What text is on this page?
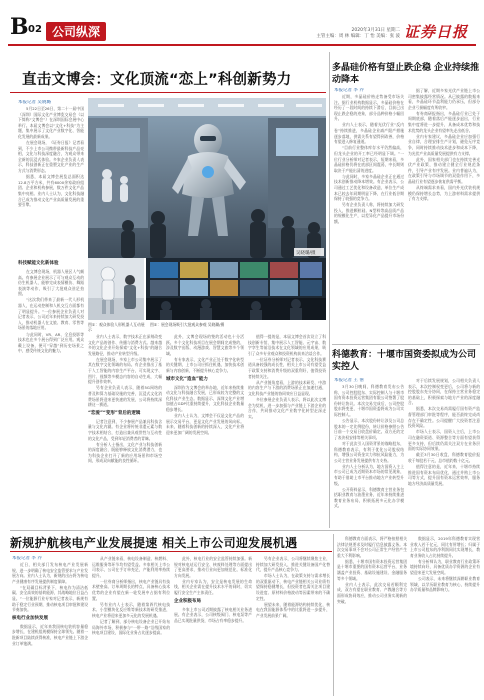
B 02 公司纵深	2020年3月31日 星期二
主管主编：周 林 编辑：丁 怡 美编：张 波 证券日报
直击文博会：文化顶流“恋上”科创新势力
本报记者 吴晓璐

5月22日至26日，第二十一届中国（深圳）国际文化产业博览交易会（以下简称“文博会”）在深圳国际会展中心举行。本届文博会以“文化+科技”为主题，集中展示了文化产业数字化、智能化发展的最新成果。

在展会现场，《证券日报》记者看到，不少上市公司携带最新科技产品亮相，文化与科技深度融合，为观众带来全新的沉浸式体验。多家企业负责人表示，科技创新正在重塑文化产业的生产方式与消费形态。

据悉，本届文博会展览总面积达12.8万平方米，共有6000余家政府组团、企业和机构参展，数万件文化产品集中亮相。业内人士认为，文化科技融合已成为推动文化产业高质量发展的重要引擎。

吴晓璐/摄
科技赋能文化新体验

在文博会现场，机器人展区人气颇高。有参展企业展示了可与观众互动的仿生机器人，能够完成表情模仿、舞蹈表演等动作，吸引了大批观众驻足拍照。

“这次我们带来了最新一代人形机器人，在运动控制和人机交互方面都有了明显提升。”一位参展企业负责人对记者表示，公司近年来持续加大研发投入，推动机器人在文旅、教育、零售等场景的落地应用。

与此同时，VR、AR、全息投影等技术也在多个展台得到广泛应用。观众戴上设备，便可“穿越”到历史场景之中，感受传统文化的魅力。

图①：观众体验人形机器人互动展示
图②：展会现场吸引大批观众参观 吴晓璐/摄

业内人士表示，数字技术正在深刻改变文化产品的创作、传播与消费方式。越来越多的文化企业开始探索“文化+科技”的融合发展路径，推动产业转型升级。

在展会现场，多家上市公司集中展示了其在数字文化领域的布局。有企业推出了基于人工智能的内容生产平台，可实现文字、图片、视频等多模态内容的自动生成，大幅提升创作效率。

另有企业负责人表示，随着5G网络的普及和算力基础设施的完善，沉浸式文化消费场景将迎来更快速的发展，公司将持续深耕这一赛道。

“恋爱”“变形”背后的逻辑

记者注意到，不少参展产品兼具科技含量与文化内涵。有企业将传统非遗元素与数字技术相结合，打造出兼具观赏性与互动性的文化产品，受到年轻消费者的青睐。

有分析人士指出，文化产业与科技创新的深度融合，既能够释放文化消费潜力，也为科技企业打开了新的应用场景和市场空间，形成双向赋能的良性循环。

此外，文博会现场的签约活动也十分活跃。多个文化科技项目在展会期间完成签约，涉及数字出版、动漫游戏、智慧文旅等多个领域。

有专家表示，文化产业正处于数字化转型的关键期，上市公司应抓住机遇，加快技术创新与内容创新，不断提升核心竞争力。

城市文化“造血”能力

深圳作为文博会的举办地，近年来持续推动文化与科技融合发展，已形成较为完整的文化科技产业生态。数据显示，深圳文化产业增加值占GDP比重持续提升，文化科技企业数量稳步增长。

业内人士认为，文博会不仅是文化产品的展示交易平台，更是文化产业发展的风向标。未来，随着科技创新的持续深入，文化产业将迎来更加广阔的发展空间。

值得一提的是，本届文博会首次设立了科技创新专馆，集中展示人工智能、元宇宙、数字孪生等前沿技术在文化领域的应用成果，吸引了众多专业观众和投资机构前来洽谈合作。

一位证券分析师对记者表示，文化科技赛道具备较强的成长性，相关上市公司有望受益于政策支持和消费升级的双重利好，值得投资者持续关注。

从产业链角度看，上游的技术研发、中游的内容生产与下游的消费场景正在加速打通，文化科技产业链的协同效应日益显现。

多位参展企业负责人表示，将以此次文博会为契机，进一步加强与产业链上下游企业的合作，共同推动文化产业数字化转型走深走实。

多晶硅价格有望止跌企稳 企业持续推动降本
本报记者 李 乔

近期，多晶硅价格走势备受市场关注。据行业机构数据显示，多晶硅价格在经历了一段时间的持续下滑后，目前已出现止跌企稳的迹象，部分品种价格小幅回升。

业内人士表示，随着光伏行业“反内卷”持续推进，多晶硅企业减产限产措施逐步落地，供需关系有望得到改善，价格有望进入修复通道。

“目前行业整体库存水平仍然偏高，但龙头企业的开工率已经明显下调。”一位行业分析师对记者表示，短期来看，多晶硅价格仍将在底部区间震荡，中长期则取决于产能出清的进度。

与此同时，多家多晶硅企业正在通过技术创新推动降本增效。有企业表示，公司通过工艺优化和设备改造，单位生产成本已较去年同期明显下降，在行业低谷期保持了较强的竞争力。

另有企业负责人称，将持续加大研发投入，推进颗粒硅、N型料等高品质产品的规模化生产，以差异化产品提升市场份额。

据了解，近期多家光伏产业链上市公司密集披露经营情况。从已披露的数据来看，多晶硅环节盈利能力仍承压，但部分企业亏损幅度有所收窄。

有券商研报指出，多晶硅行业已处于周期底部，随着落后产能逐步退出，行业集中度将进一步提升，具备成本优势和技术优势的龙头企业有望率先走出低谷。

业内专家建议，多晶硅企业应加强行业自律，合理安排生产计划，避免无序竞争，同时持续推动技术进步和成本下降，为光伏产业高质量发展提供有力支撑。

此外，国家相关部门也在持续完善光伏产业政策，推动建立健全行业规范条件，引导产业有序发展。业内普遍认为，在政策引导与市场调节的双重作用下，多晶硅行业有望逐步恢复供需平衡。

从终端需求来看，国内外光伏装机规模仍保持增长态势，为上游材料需求提供了有力支撑。

科德教育：十堰市国资委拟成为公司实控人
本报记者 王 僖

3月30日晚间，科德教育发布公告称，公司控股股东、实际控制人与十堰市国有资本投资运营集团有限公司签署了股份转让协议。本次交易完成后，公司控股股东将变更，十堰市国资委将成为公司实际控制人。

公告显示，本次股份转让涉及公司总股本的一定比例股份，转让价格参照公告日前一个交易日收盘价确定。双方还约定了表决权安排等相关事项。

对于此次引入国资背景的战略股东，科德教育表示，有利于优化公司股权结构，增强公司资金实力和抗风险能力，为公司主营业务发展提供有力支持。

业内人士分析认为，地方国资入主上市公司已成为近期资本市场的常见现象，有助于借助上市平台推动地方产业转型升级。

公开资料显示，科德教育主营业务包括职业教育与油墨业务，近年来持续推进教育业务布局，积极拓展多元化办学模式。

对于后续发展规划，公司相关负责人表示，本次控制权变更后，公司将与新的控股股东充分协同，在保持主营业务稳定的基础上，积极探索与地方产业的深度融合。

据悉，本次交易尚需履行国有资产监督管理部门审批等程序，能否最终完成尚存在不确定性。公司提醒广大投资者注意投资风险。

市场人士表示，国资入主后，上市公司在融资渠道、资源整合等方面有望获得更多支持，但后续仍需关注双方在业务层面的实际协同效果。

截至3月30日收盘，科德教育股价报收于每股若干元，总市值约数十亿元。

值得注意的是，近年来，十堰市持续推进国有资本布局优化，通过并购上市公司等方式，提升国有资本运营效率，服务地方经济高质量发展。

新规护航核电产业发展提速 相关上市公司迎发展机遇
本报记者 李 乔

近日，相关部门发布核电产业发展新规，进一步明确了核电安全监管要求与产业发展方向。业内人士认为，新规的出台将为核电产业健康有序发展提供制度保障。

“在双碳目标背景下，核电作为清洁低碳、安全高效的基荷能源，其战略地位日益凸显。”一位能源行业专家对记者表示，新规有助于稳定行业预期，推动核电项目审批和建设节奏加快。

核电行业加快发展

数据显示，近年来我国核电装机容量稳步增长，在建机组规模保持全球领先。随着一批新项目陆续获得核准，核电产业链上下游企业订单饱满。

从产业链来看，核电设备制造、核燃料、运维服务等环节均有望受益。多家相关上市公司表示，公司在手订单充足，产能利用率持续提升。

一位券商分析师指出，核电产业链具有技术壁垒高、订单周期长的特点，具备核心技术优势的企业有望在新一轮发展中占据有利位置。

另有业内人士表示，随着第四代核电技术、小型模块化反应堆等新技术的研发推进，核电产业将迎来更加多元化的发展机遇。

记者了解到，部分核电设备企业已开始布局海外市场，积极参与“一带一路”沿线国家的核电项目建设，国际化业务占比逐步提高。

此外，核电行业的安全监管持续加强。新规对核电站运行安全、核废料处理等方面提出了更高要求，推动行业向更加规范化、标准化方向发展。

业内专家认为，安全是核电发展的生命线，相关企业需在提升技术水平的同时，切实履行安全生产主体责任。

企业积极布局

多家上市公司近期披露了核电相关业务进展。有企业表示，公司核级阀门、核电泵等产品已实现批量供货，市场占有率稳步提升。

另有企业表示，公司将继续聚焦主业，持续加大研发投入，推进关键设备国产化替代，提升产品核心竞争力。

市场人士认为，在政策支持与需求增长的双重驱动下，核电产业链相关公司业绩有望保持稳健增长，但投资者也需关注项目建设进度、原材料价格波动等因素带来的不确定性。

展望未来，随着能源结构持续优化，核电在我国能源体系中的比重将进一步提升，产业发展前景广阔。

科德教育方面表示，将严格按照相关法律法规要求及时履行信息披露义务。本次交易事项不会对公司正常生产经营产生重大不利影响。

据悉，十堰市国有资本投资运营集团是十堰市重要的国有资本运营平台，业务涵盖产业投资、基础设施建设、金融服务等多个领域。

业内人士表示，此次交易若顺利完成，双方有望在职业教育、产教融合等方面形成协同效应，推动公司业务实现新的突破。

数据显示，2019年科德教育实现营业收入若干亿元，同比有所增长；归属于上市公司股东的净利润同比实现增长，教育业务收入占比持续提升。

有分析师认为，职业教育行业政策环境持续向好，具备优质办学资源的企业有望迎来更大发展空间。

公司表示，未来将继续深耕职业教育领域，以学历职业教育为核心，持续提升办学质量和品牌影响力。
